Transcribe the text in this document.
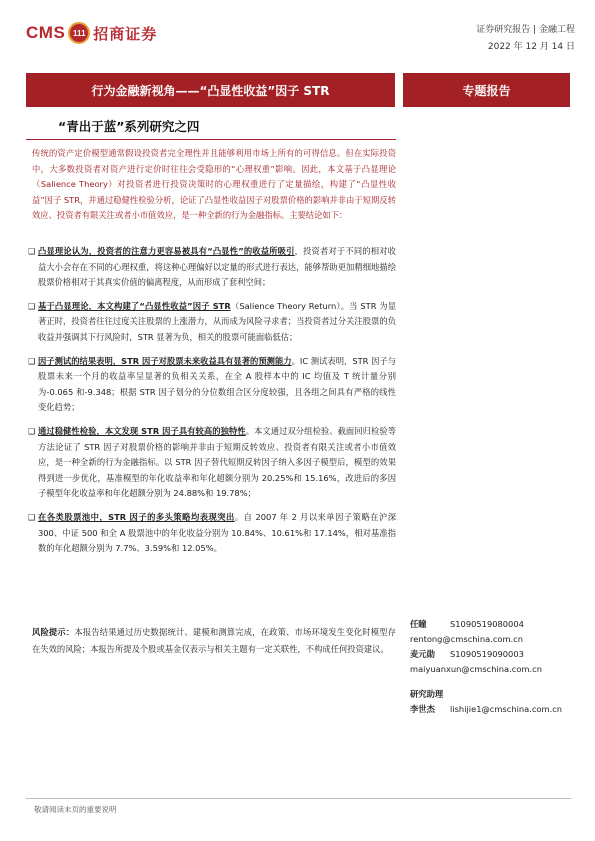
CMS 111 招商证券	证券研究报告 | 金融工程
2022 年 12 月 14 日
行为金融新视角——“凸显性收益”因子 STR	专题报告
“青出于蓝”系列研究之四
传统的资产定价模型通常假设投资者完全理性并且能够利用市场上所有的可得信息。但在实际投资中，大多数投资者对资产进行定价时往往会受隐形的“心理权重”影响。因此，本文基于凸显理论（Salience Theory）对投资者进行投资决策时的心理权重进行了定量描绘，构建了“凸显性收益”因子 STR，并通过稳健性检验分析，论证了凸显性收益因子对股票价格的影响并非由于短期反转效应、投资者有限关注或者小市值效应，是一种全新的行为金融指标。主要结论如下：
❑ 凸显理论认为，投资者的注意力更容易被具有“凸显性”的收益所吸引，投资者对于不同的相对收益大小会存在不同的心理权重，将这种心理偏好以定量的形式进行表达，能够帮助更加精细地描绘股票价格相对于其真实价值的偏离程度，从而形成了套利空间；
❑ 基于凸显理论，本文构建了“凸显性收益”因子 STR（Salience Theory Return）。当 STR 为显著正时，投资者往往过度关注股票的上涨潜力，从而成为风险寻求者；当投资者过分关注股票的负收益并强调其下行风险时，STR 显著为负，相关的股票可能面临低估；
❑ 因子测试的结果表明，STR 因子对股票未来收益具有显著的预测能力。IC 测试表明，STR 因子与股票未来一个月的收益率呈显著的负相关关系，在全 A 股样本中的 IC 均值及 T 统计量分别为-0.065 和-9.348；根据 STR 因子划分的分位数组合区分度较强，且各组之间具有严格的线性变化趋势；
❑ 通过稳健性检验，本文发现 STR 因子具有较高的独特性。本文通过双分组检验、截面回归检验等方法论证了 STR 因子对股票价格的影响并非由于短期反转效应、投资者有限关注或者小市值效应，是一种全新的行为金融指标。以 STR 因子替代短期反转因子纳入多因子模型后，模型的效果得到进一步优化，基准模型的年化收益率和年化超额分别为 20.25%和 15.16%，改进后的多因子模型年化收益率和年化超额分别为 24.88%和 19.78%；
❑ 在各类股票池中，STR 因子的多头策略均表现突出。自 2007 年 2 月以来单因子策略在沪深 300、中证 500 和全 A 股票池中的年化收益分别为 10.84%、10.61%和 17.14%，相对基准指数的年化超额分别为 7.7%、3.59%和 12.05%。
风险提示：本报告结果通过历史数据统计、建模和测算完成，在政策、市场环境发生变化时模型存在失效的风险；本报告所提及个股或基金仅表示与相关主题有一定关联性，不构成任何投资建议。
任瞳	S1090519080004
rentong@cmschina.com.cn
麦元勋	S1090519090003
maiyuanxun@cmschina.com.cn
研究助理
李世杰	lishijie1@cmschina.com.cn
敬请阅读末页的重要说明
